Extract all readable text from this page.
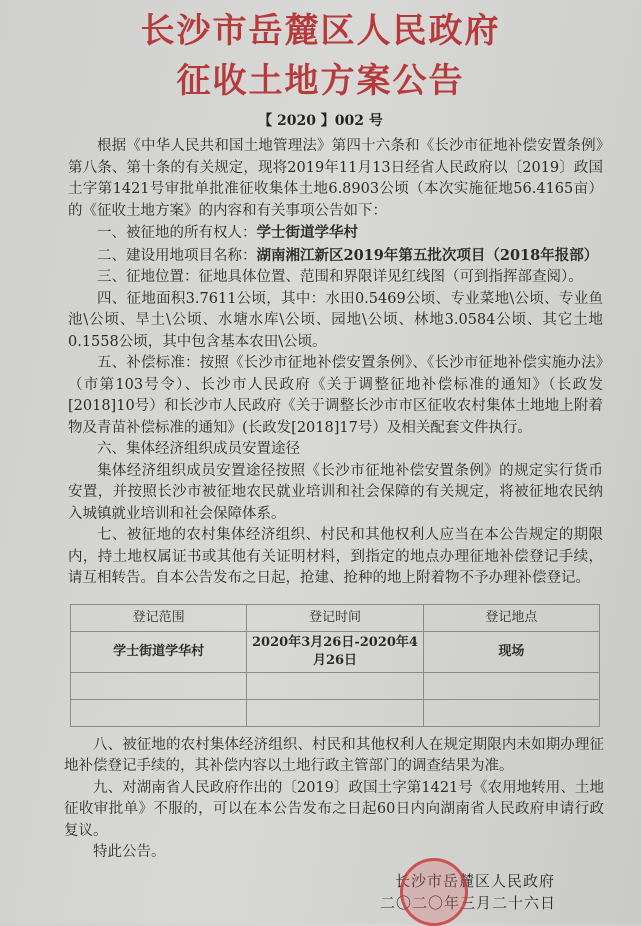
长沙市岳麓区人民政府
征收土地方案公告
【 2020 】002 号

根据《中华人民共和国土地管理法》第四十六条和《长沙市征地补偿安置条例》第八条、第十条的有关规定，现将2019年11月13日经省人民政府以〔2019〕政国土字第1421号审批单批准征收集体土地6.8903公顷（本次实施征地56.4165亩）的《征收土地方案》的内容和有关事项公告如下：

一、被征地的所有权人：学士街道学华村

二、建设用地项目名称：湖南湘江新区2019年第五批次项目（2018年报部）

三、征地位置：征地具体位置、范围和界限详见红线图（可到指挥部查阅）。

四、征地面积3.7611公顷，其中：水田0.5469公顷、专业菜地\公顷、专业鱼池\公顷、旱土\公顷、水塘水库\公顷、园地\公顷、林地3.0584公顷、其它土地0.1558公顷，其中包含基本农田\公顷。

五、补偿标准：按照《长沙市征地补偿安置条例》、《长沙市征地补偿实施办法》（市第103号令）、长沙市人民政府《关于调整征地补偿标准的通知》（长政发[2018]10号）和长沙市人民政府《关于调整长沙市市区征收农村集体土地地上附着物及青苗补偿标准的通知》(长政发[2018]17号）及相关配套文件执行。

六、集体经济组织成员安置途径

集体经济组织成员安置途径按照《长沙市征地补偿安置条例》的规定实行货币安置，并按照长沙市被征地农民就业培训和社会保障的有关规定，将被征地农民纳入城镇就业培训和社会保障体系。

七、被征地的农村集体经济组织、村民和其他权利人应当在本公告规定的期限内，持土地权属证书或其他有关证明材料，到指定的地点办理征地补偿登记手续，请互相转告。自本公告发布之日起，抢建、抢种的地上附着物不予办理补偿登记。

登记范围	登记时间	登记地点
学士街道学华村	2020年3月26日-2020年4月26日	现场

八、被征地的农村集体经济组织、村民和其他权利人在规定期限内未如期办理征地补偿登记手续的，其补偿内容以土地行政主管部门的调查结果为准。

九、对湖南省人民政府作出的〔2019〕政国土字第1421号《农用地转用、土地征收审批单》不服的，可以在本公告发布之日起60日内向湖南省人民政府申请行政复议。

特此公告。

长沙市岳麓区人民政府
二〇二〇年三月二十六日
